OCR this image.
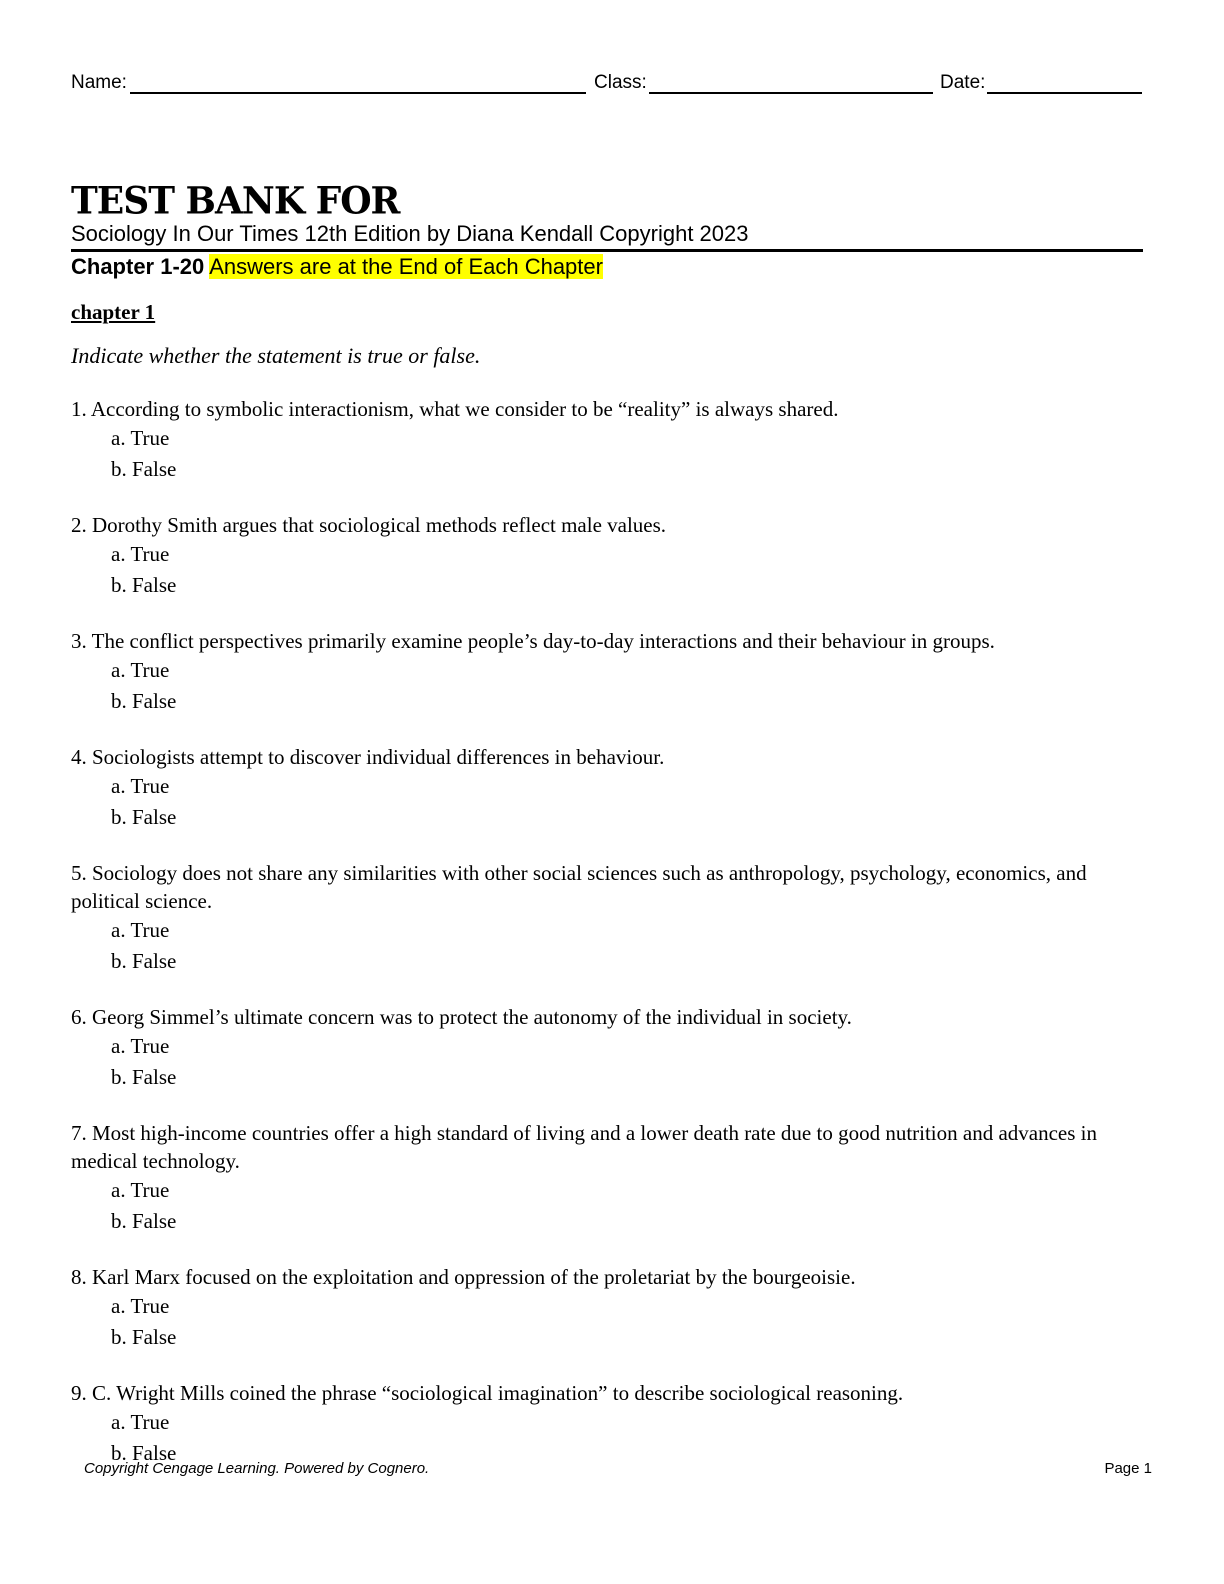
Name:	Class:	Date:
TEST BANK FOR
Sociology In Our Times 12th Edition by Diana Kendall Copyright 2023
Chapter 1-20 Answers are at the End of Each Chapter
chapter 1
Indicate whether the statement is true or false.
1. According to symbolic interactionism, what we consider to be “reality” is always shared.
a. True
b. False
2. Dorothy Smith argues that sociological methods reflect male values.
a. True
b. False
3. The conflict perspectives primarily examine people’s day-to-day interactions and their behaviour in groups.
a. True
b. False
4. Sociologists attempt to discover individual differences in behaviour.
a. True
b. False
5. Sociology does not share any similarities with other social sciences such as anthropology, psychology, economics, and political science.
a. True
b. False
6. Georg Simmel’s ultimate concern was to protect the autonomy of the individual in society.
a. True
b. False
7. Most high-income countries offer a high standard of living and a lower death rate due to good nutrition and advances in medical technology.
a. True
b. False
8. Karl Marx focused on the exploitation and oppression of the proletariat by the bourgeoisie.
a. True
b. False
9. C. Wright Mills coined the phrase “sociological imagination” to describe sociological reasoning.
a. True
b. False
Copyright Cengage Learning. Powered by Cognero.	Page 1
